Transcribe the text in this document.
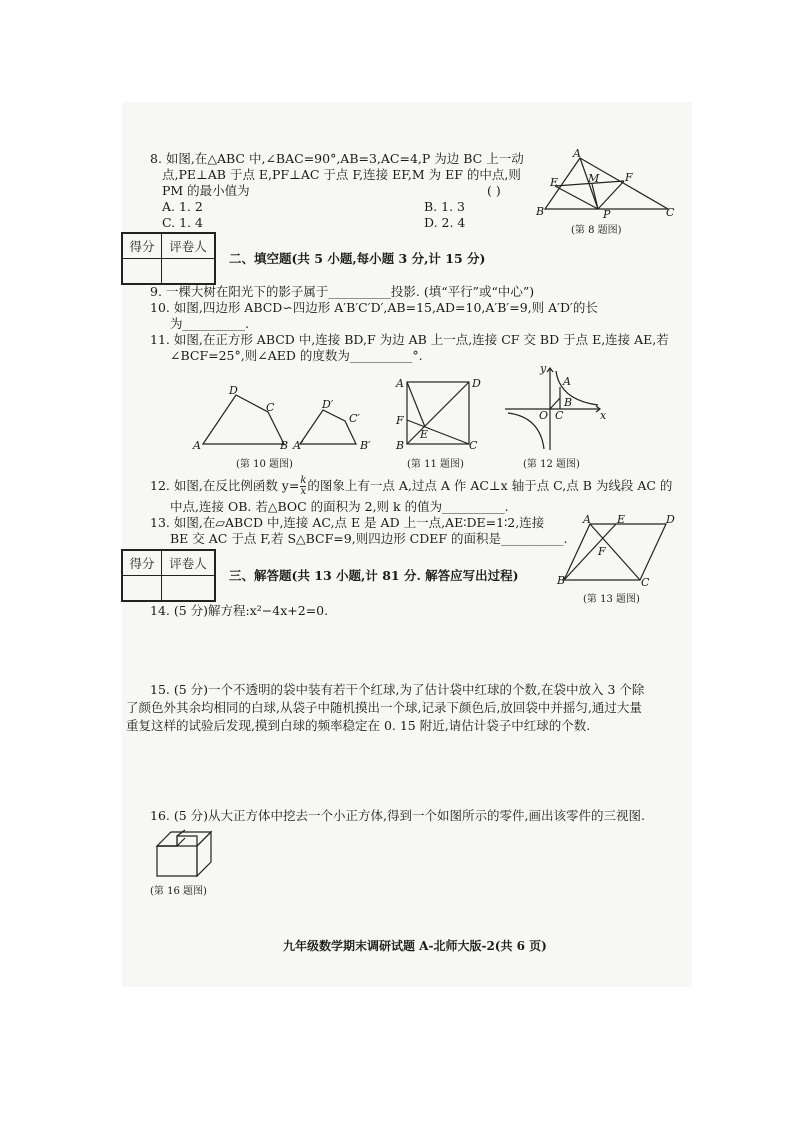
8. 如图,在△ABC 中,∠BAC=90°,AB=3,AC=4,P 为边 BC 上一动
点,PE⊥AB 于点 E,PF⊥AC 于点 F,连接 EF,M 为 EF 的中点,则
PM 的最小值为	( )
A. 1. 2	B. 1. 3
C. 1. 4	D. 2. 4
A
E	M F
B	P	C
(第 8 题图)
得分	评卷人

二、填空题(共 5 小题,每小题 3 分,计 15 分)
9. 一棵大树在阳光下的影子属于__________投影. (填“平行”或“中心”)
10. 如图,四边形 ABCD∽四边形 A′B′C′D′,AB=15,AD=10,A′B′=9,则 A′D′的长
为__________.
11. 如图,在正方形 ABCD 中,连接 BD,F 为边 AB 上一点,连接 CF 交 BD 于点 E,连接 AE,若
∠BCF=25°,则∠AED 的度数为__________°.
D
C
A	B
D′
C′
A′	B′
(第 10 题图)
A	D
F
E
B	C
(第 11 题图)
y
A
O C
B
x
(第 12 题图)
12. 如图,在反比例函数 $y= \frac{k}{x}$ 的图象上有一点 A,过点 A 作 AC⊥x 轴于点 C,点 B 为线段 AC 的
中点,连接 OB. 若△BOC 的面积为 2,则 k 的值为__________.
13. 如图,在▱ABCD 中,连接 AC,点 E 是 AD 上一点,AE∶DE=1∶2,连接
BE 交 AC 于点 F,若 S△BCF=9,则四边形 CDEF 的面积是__________.
A E	D
F
B	C
(第 13 题图)
得分	评卷人

三、解答题(共 13 小题,计 81 分. 解答应写出过程)
14. (5 分)解方程:x²−4x+2=0.
15. (5 分)一个不透明的袋中装有若干个红球,为了估计袋中红球的个数,在袋中放入 3 个除
了颜色外其余均相同的白球,从袋子中随机摸出一个球,记录下颜色后,放回袋中并摇匀,通过大量
重复这样的试验后发现,摸到白球的频率稳定在 0. 15 附近,请估计袋子中红球的个数.
16. (5 分)从大正方体中挖去一个小正方体,得到一个如图所示的零件,画出该零件的三视图.
(第 16 题图)
九年级数学期末调研试题 A-北师大版-2(共 6 页)
